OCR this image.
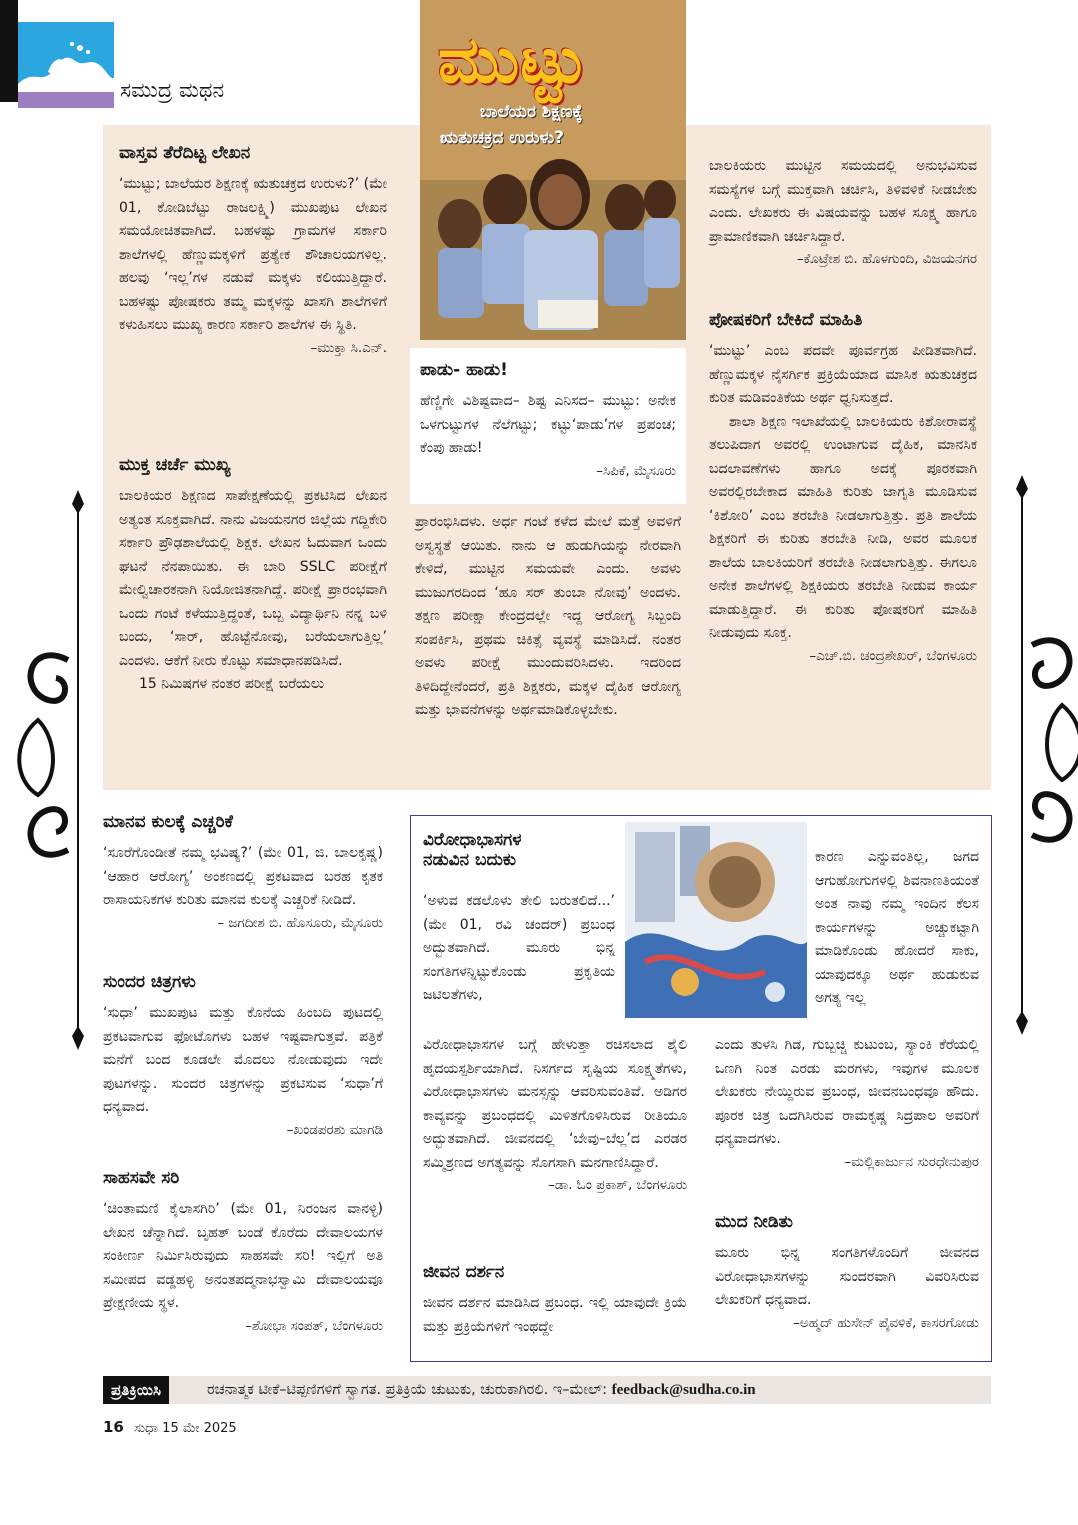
ಸಮುದ್ರ ಮಥನ

ವಾಸ್ತವ ತೆರೆದಿಟ್ಟ ಲೇಖನ

‘ಮುಟ್ಟು; ಬಾಲೆಯರ ಶಿಕ್ಷಣಕ್ಕೆ ಋತುಚಕ್ರದ ಉರುಳು?’ (ಮೇ 01, ಕೋಡಿಬೆಟ್ಟು ರಾಜಲಕ್ಷ್ಮಿ) ಮುಖಪುಟ ಲೇಖನ ಸಮಯೋಚಿತವಾಗಿದೆ. ಬಹಳಷ್ಟು ಗ್ರಾಮಗಳ ಸರ್ಕಾರಿ ಶಾಲೆಗಳಲ್ಲಿ ಹೆಣ್ಣುಮಕ್ಕಳಿಗೆ ಪ್ರತ್ಯೇಕ ಶೌಚಾಲಯಗಳಿಲ್ಲ. ಹಲವು ‘ಇಲ್ಲ’ಗಳ ನಡುವೆ ಮಕ್ಕಳು ಕಲಿಯುತ್ತಿದ್ದಾರೆ. ಬಹಳಷ್ಟು ಪೋಷಕರು ತಮ್ಮ ಮಕ್ಕಳನ್ನು ಖಾಸಗಿ ಶಾಲೆಗಳಿಗೆ ಕಳುಹಿಸಲು ಮುಖ್ಯ ಕಾರಣ ಸರ್ಕಾರಿ ಶಾಲೆಗಳ ಈ ಸ್ಥಿತಿ.

–ಮುಕ್ತಾ ಸಿ.ಎನ್.

ಮುಕ್ತ ಚರ್ಚೆ ಮುಖ್ಯ

ಬಾಲಕಿಯರ ಶಿಕ್ಷಣದ ಸಾಪೇಕ್ಷಣೆಯಲ್ಲಿ ಪ್ರಕಟಿಸಿದ ಲೇಖನ ಅತ್ಯಂತ ಸೂಕ್ತವಾಗಿದೆ. ನಾನು ವಿಜಯನಗರ ಜಿಲ್ಲೆಯ ಗದ್ದಿಕೇರಿ ಸರ್ಕಾರಿ ಪ್ರೌಢಶಾಲೆಯಲ್ಲಿ ಶಿಕ್ಷಕ. ಲೇಖನ ಓದುವಾಗ ಒಂದು ಘಟನೆ ನೆನಪಾಯಿತು. ಈ ಬಾರಿ SSLC ಪರೀಕ್ಷೆಗೆ ಮೇಲ್ವಿಚಾರಕನಾಗಿ ನಿಯೋಜಿತನಾಗಿದ್ದೆ. ಪರೀಕ್ಷೆ ಪ್ರಾರಂಭವಾಗಿ ಒಂದು ಗಂಟೆ ಕಳೆಯುತ್ತಿದ್ದಂತೆ, ಒಬ್ಬ ವಿದ್ಯಾರ್ಥಿನಿ ನನ್ನ ಬಳಿ ಬಂದು, ‘ಸಾರ್, ಹೊಟ್ಟೆನೋವು, ಬರೆಯಲಾಗುತ್ತಿಲ್ಲ’ ಎಂದಳು. ಆಕೆಗೆ ನೀರು ಕೊಟ್ಟು ಸಮಾಧಾನಪಡಿಸಿದೆ.

15 ನಿಮಿಷಗಳ ನಂತರ ಪರೀಕ್ಷೆ ಬರೆಯಲು

ಮುಟ್ಟು
ಬಾಲೆಯರ ಶಿಕ್ಷಣಕ್ಕೆ
ಋತುಚಕ್ರದ ಉರುಳು?

ಪಾಡು- ಹಾಡು!

ಹೆಣ್ಣಿಗೇ ವಿಶಿಷ್ಟವಾದ– ಶಿಷ್ಟ ಎನಿಸದ– ಮುಟ್ಟು: ಅನೇಕ ಒಳಗುಟ್ಟುಗಳ ನೆಲೆಗಟ್ಟು; ಕಟ್ಟು‘ಪಾಡು’ಗಳ ಪ್ರಪಂಚ; ಕೆಂಪು ಹಾಡು!

–ಸಿಪಿಕೆ, ಮೈಸೂರು

ಪ್ರಾರಂಭಿಸಿದಳು. ಅರ್ಧ ಗಂಟೆ ಕಳೆದ ಮೇಲೆ ಮತ್ತೆ ಅವಳಿಗೆ ಅಸ್ವಸ್ಥತೆ ಆಯಿತು. ನಾನು ಆ ಹುಡುಗಿಯನ್ನು ನೇರವಾಗಿ ಕೇಳಿದೆ, ಮುಟ್ಟಿನ ಸಮಯವೇ ಎಂದು. ಅವಳು ಮುಜುಗರದಿಂದ ‘ಹೂ ಸರ್ ತುಂಬಾ ನೋವು’ ಅಂದಳು. ತಕ್ಷಣ ಪರೀಕ್ಷಾ ಕೇಂದ್ರದಲ್ಲೇ ಇದ್ದ ಆರೋಗ್ಯ ಸಿಬ್ಬಂದಿ ಸಂಪರ್ಕಿಸಿ, ಪ್ರಥಮ ಚಿಕಿತ್ಸೆ ವ್ಯವಸ್ಥೆ ಮಾಡಿಸಿದೆ. ನಂತರ ಅವಳು ಪರೀಕ್ಷೆ ಮುಂದುವರಿಸಿದಳು. ಇದರಿಂದ ತಿಳಿದಿದ್ದೇನೆಂದರೆ, ಪ್ರತಿ ಶಿಕ್ಷಕರು, ಮಕ್ಕಳ ದೈಹಿಕ ಆರೋಗ್ಯ ಮತ್ತು ಭಾವನೆಗಳನ್ನು ಅರ್ಥಮಾಡಿಕೊಳ್ಳಬೇಕು.

ಬಾಲಕಿಯರು ಮುಟ್ಟಿನ ಸಮಯದಲ್ಲಿ ಅನುಭವಿಸುವ ಸಮಸ್ಯೆಗಳ ಬಗ್ಗೆ ಮುಕ್ತವಾಗಿ ಚರ್ಚಿಸಿ, ತಿಳಿವಳಿಕೆ ನೀಡಬೇಕು ಎಂದು. ಲೇಖಕರು ಈ ವಿಷಯವನ್ನು ಬಹಳ ಸೂಕ್ಷ್ಮ ಹಾಗೂ ಪ್ರಾಮಾಣಿಕವಾಗಿ ಚರ್ಚಿಸಿದ್ದಾರೆ.

–ಕೊಟ್ರೇಶ ಬಿ. ಹೊಳಗುಂದಿ, ವಿಜಯನಗರ

ಪೋಷಕರಿಗೆ ಬೇಕಿದೆ ಮಾಹಿತಿ

‘ಮುಟ್ಟು’ ಎಂಬ ಪದವೇ ಪೂರ್ವಗ್ರಹ ಪೀಡಿತವಾಗಿದೆ. ಹೆಣ್ಣುಮಕ್ಕಳ ನೈಸರ್ಗಿಕ ಪ್ರಕ್ರಿಯೆಯಾದ ಮಾಸಿಕ ಋತುಚಕ್ರದ ಕುರಿತ ಮಡಿವಂತಿಕೆಯ ಅರ್ಥ ಧ್ವನಿಸುತ್ತದೆ.

ಶಾಲಾ ಶಿಕ್ಷಣ ಇಲಾಖೆಯಲ್ಲಿ ಬಾಲಕಿಯರು ಕಿಶೋರಾವಸ್ಥೆ ತಲುಪಿದಾಗ ಅವರಲ್ಲಿ ಉಂಟಾಗುವ ದೈಹಿಕ, ಮಾನಸಿಕ ಬದಲಾವಣೆಗಳು ಹಾಗೂ ಅದಕ್ಕೆ ಪೂರಕವಾಗಿ ಅವರಲ್ಲಿರಬೇಕಾದ ಮಾಹಿತಿ ಕುರಿತು ಜಾಗೃತಿ ಮೂಡಿಸುವ ‘ಕಿಶೋರಿ’ ಎಂಬ ತರಬೇತಿ ನೀಡಲಾಗುತ್ತಿತ್ತು. ಪ್ರತಿ ಶಾಲೆಯ ಶಿಕ್ಷಕರಿಗೆ ಈ ಕುರಿತು ತರಬೇತಿ ನೀಡಿ, ಅವರ ಮೂಲಕ ಶಾಲೆಯ ಬಾಲಕಿಯರಿಗೆ ತರಬೇತಿ ನೀಡಲಾಗುತ್ತಿತ್ತು. ಈಗಲೂ ಅನೇಕ ಶಾಲೆಗಳಲ್ಲಿ ಶಿಕ್ಷಕಿಯರು ತರಬೇತಿ ನೀಡುವ ಕಾರ್ಯ ಮಾಡುತ್ತಿದ್ದಾರೆ. ಈ ಕುರಿತು ಪೋಷಕರಿಗೆ ಮಾಹಿತಿ ನೀಡುವುದು ಸೂಕ್ತ.

–ಎಚ್.ಬಿ. ಚಂದ್ರಶೇಖರ್, ಬೆಂಗಳೂರು

ಮಾನವ ಕುಲಕ್ಕೆ ಎಚ್ಚರಿಕೆ

‘ಸೂರೆಗೊಂಡೀತೆ ನಮ್ಮ ಭವಿಷ್ಯ?’ (ಮೇ 01, ಜಿ. ಬಾಲಕೃಷ್ಣ) ‘ಆಹಾರ ಆರೋಗ್ಯ’ ಅಂಕಣದಲ್ಲಿ ಪ್ರಕಟವಾದ ಬರಹ ಕೃತಕ ರಾಸಾಯನಿಕಗಳ ಕುರಿತು ಮಾನವ ಕುಲಕ್ಕೆ ಎಚ್ಚರಿಕೆ ನೀಡಿದೆ.

– ಜಗದೀಶ ಬಿ. ಹೊಸೂರು, ಮೈಸೂರು

ಸುಂದರ ಚಿತ್ರಗಳು

‘ಸುಧಾ’ ಮುಖಪುಟ ಮತ್ತು ಕೊನೆಯ ಹಿಂಬದಿ ಪುಟದಲ್ಲಿ ಪ್ರಕಟವಾಗುವ ಫೋಟೊಗಳು ಬಹಳ ಇಷ್ಟವಾಗುತ್ತವೆ. ಪತ್ರಿಕೆ ಮನೆಗೆ ಬಂದ ಕೂಡಲೇ ಮೊದಲು ನೋಡುವುದು ಇದೇ ಪುಟಗಳನ್ನು. ಸುಂದರ ಚಿತ್ರಗಳನ್ನು ಪ್ರಕಟಿಸುವ ‘ಸುಧಾ’ಗೆ ಧನ್ಯವಾದ.

–ಖಂಡಪರಶು ಮಾಗಡಿ

ಸಾಹಸವೇ ಸರಿ

‘ಚಿಂತಾಮಣಿ ಕೈಲಾಸಗಿರಿ’ (ಮೇ 01, ನಿರಂಜನ ವಾನಳ್ಳಿ) ಲೇಖನ ಚೆನ್ನಾಗಿದೆ. ಬೃಹತ್ ಬಂಡೆ ಕೊರೆದು ದೇವಾಲಯಗಳ ಸಂಕೀರ್ಣ ನಿರ್ಮಿಸಿರುವುದು ಸಾಹಸವೇ ಸರಿ! ಇಲ್ಲಿಗೆ ಅತಿ ಸಮೀಪದ ವಡ್ಡಹಳ್ಳಿ ಅನಂತಪದ್ಮನಾಭಸ್ವಾಮಿ ದೇವಾಲಯವೂ ಪ್ರೇಕ್ಷಣೀಯ ಸ್ಥಳ.

–ಶೋಭಾ ಸಂಪತ್, ಬೆಂಗಳೂರು

ವಿರೋಧಾಭಾಸಗಳ

ನಡುವಿನ ಬದುಕು

‘ಅಳುವ ಕಡಲೊಳು ತೇಲಿ ಬರುತಲಿದೆ...’ (ಮೇ 01, ರವಿ ಚಂದರ್) ಪ್ರಬಂಧ ಅದ್ಭುತವಾಗಿದೆ. ಮೂರು ಭಿನ್ನ ಸಂಗತಿಗಳನ್ನಿಟ್ಟುಕೊಂಡು ಪ್ರಕೃತಿಯ ಜಟಿಲತೆಗಳು,

ವಿರೋಧಾಭಾಸಗಳ ಬಗ್ಗೆ ಹೇಳುತ್ತಾ ರಚಿಸಲಾದ ಶೈಲಿ ಹೃದಯಸ್ಪರ್ಶಿಯಾಗಿದೆ. ನಿಸರ್ಗದ ಸೃಷ್ಟಿಯ ಸೂಕ್ಷ್ಮತೆಗಳು, ವಿರೋಧಾಭಾಸಗಳು ಮನಸ್ಸನ್ನು ಆವರಿಸುವಂತಿವೆ. ಅಡಿಗರ ಕಾವ್ಯವನ್ನು ಪ್ರಬಂಧದಲ್ಲಿ ಮಿಳಿತಗೊಳಿಸಿರುವ ರೀತಿಯೂ ಅದ್ಭುತವಾಗಿದೆ. ಜೀವನದಲ್ಲಿ ‘ಬೇವು–ಬೆಲ್ಲ’ದ ಎರಡರ ಸಮ್ಮಿಶ್ರಣದ ಅಗತ್ಯವನ್ನು ಸೊಗಸಾಗಿ ಮನಗಾಣಿಸಿದ್ದಾರೆ.

–ಡಾ. ಓಂ ಪ್ರಕಾಶ್, ಬೆಂಗಳೂರು

ಜೀವನ ದರ್ಶನ

ಜೀವನ ದರ್ಶನ ಮಾಡಿಸಿದ ಪ್ರಬಂಧ. ಇಲ್ಲಿ ಯಾವುದೇ ಕ್ರಿಯೆ ಮತ್ತು ಪ್ರಕ್ರಿಯೆಗಳಿಗೆ ಇಂಥದ್ದೇ

ಕಾರಣ ಎನ್ನುವಂತಿಲ್ಲ, ಜಗದ ಆಗುಹೋಗುಗಳಲ್ಲಿ ಶಿವನಾಣತಿಯಂತೆ ಅಂತ ನಾವು ನಮ್ಮ ಇಂದಿನ ಕೆಲಸ ಕಾರ್ಯಗಳನ್ನು ಅಚ್ಚುಕಟ್ಟಾಗಿ ಮಾಡಿಕೊಂಡು ಹೋದರೆ ಸಾಕು, ಯಾವುದಕ್ಕೂ ಅರ್ಥ ಹುಡುಕುವ ಅಗತ್ಯ ಇಲ್ಲ

ಎಂದು ತುಳಸಿ ಗಿಡ, ಗುಬ್ಬಚ್ಚಿ ಕುಟುಂಬ, ಸ್ಯಾಂಕಿ ಕೆರೆಯಲ್ಲಿ ಒಣಗಿ ನಿಂತ ಎರಡು ಮರಗಳು, ಇವುಗಳ ಮೂಲಕ ಲೇಖಕರು ನೇಯ್ದಿರುವ ಪ್ರಬಂಧ, ಜೀವನಬಂಧವೂ ಹೌದು. ಪೂರಕ ಚಿತ್ರ ಒದಗಿಸಿರುವ ರಾಮಕೃಷ್ಣ ಸಿದ್ರಪಾಲ ಅವರಿಗೆ ಧನ್ಯವಾದಗಳು.

–ಮಲ್ಲಿಕಾರ್ಜುನ ಸುರಧೇನುಪುರ

ಮುದ ನೀಡಿತು

ಮೂರು ಭಿನ್ನ ಸಂಗತಿಗಳೊಂದಿಗೆ ಜೀವನದ ವಿರೋಧಾಭಾಸಗಳನ್ನು ಸುಂದರವಾಗಿ ವಿವರಿಸಿರುವ ಲೇಖಕರಿಗೆ ಧನ್ಯವಾದ.

–ಅಹ್ಮದ್ ಹುಸೇನ್ ಪೈವಳಿಕೆ, ಕಾಸರಗೋಡು

ಪ್ರತಿಕ್ರಿಯಿಸಿ	ರಚನಾತ್ಮಕ ಟೀಕೆ–ಟಿಪ್ಪಣಿಗಳಿಗೆ ಸ್ವಾಗತ. ಪ್ರತಿಕ್ರಿಯೆ ಚುಟುಕು, ಚುರುಕಾಗಿರಲಿ. ಇ–ಮೇಲ್: feedback@sudha.co.in
16 ಸುಧಾ 15 ಮೇ 2025
